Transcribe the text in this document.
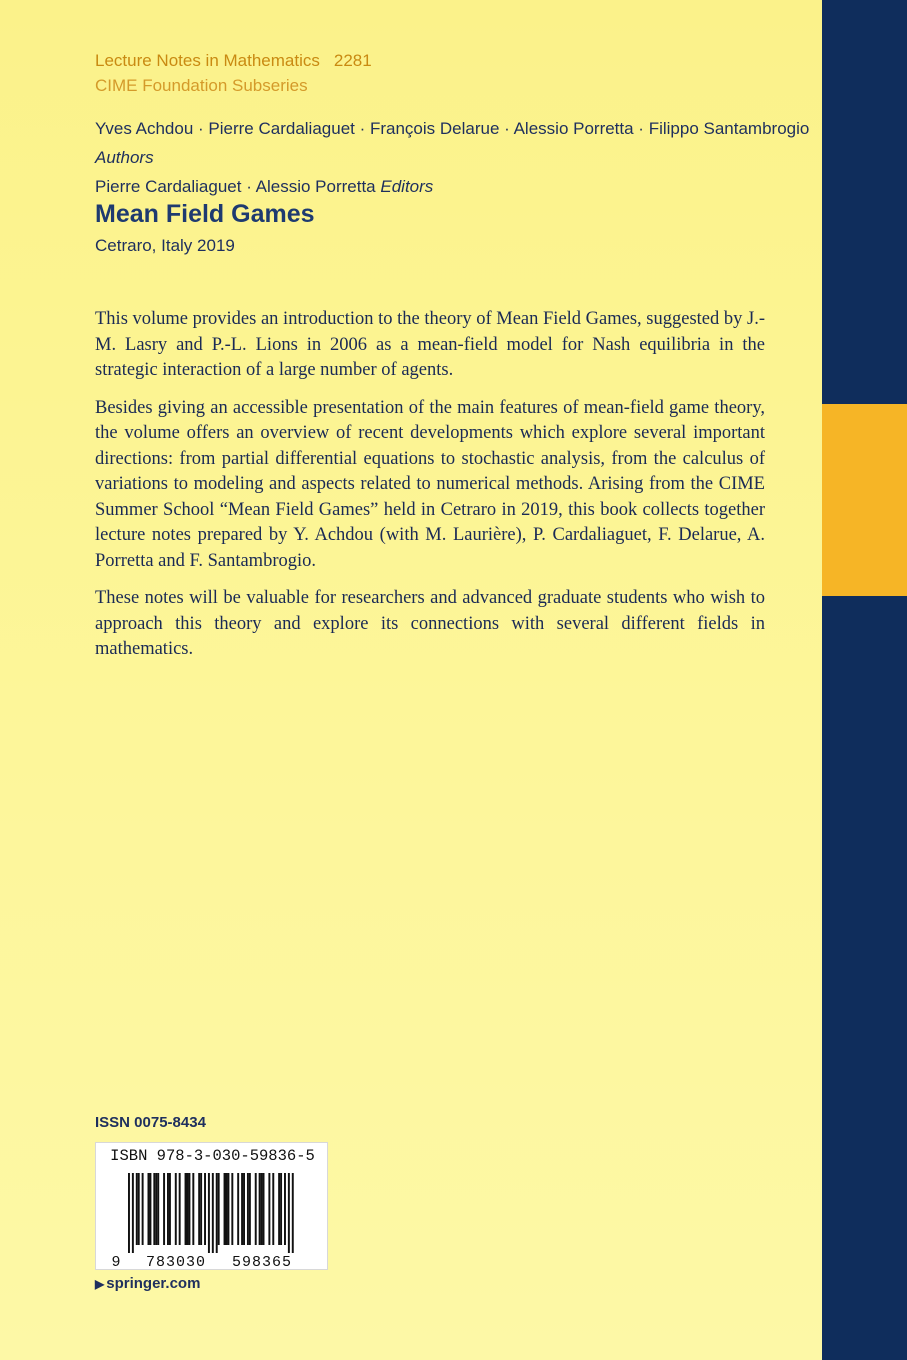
Lecture Notes in Mathematics 2281
CIME Foundation Subseries
Yves Achdou · Pierre Cardaliaguet · François Delarue · Alessio Porretta · Filippo Santambrogio
Authors
Pierre Cardaliaguet · Alessio Porretta Editors
Mean Field Games
Cetraro, Italy 2019

This volume provides an introduction to the theory of Mean Field Games, suggested by J.-M. Lasry and P.-L. Lions in 2006 as a mean-field model for Nash equilibria in the strategic interaction of a large number of agents.

Besides giving an accessible presentation of the main features of mean-field game theory, the volume offers an overview of recent developments which explore several important directions: from partial differential equations to stochastic analysis, from the calculus of variations to modeling and aspects related to numerical methods. Arising from the CIME Summer School “Mean Field Games” held in Cetraro in 2019, this book collects together lecture notes prepared by Y. Achdou (with M. Laurière), P. Cardaliaguet, F. Delarue, A. Porretta and F. Santambrogio.

These notes will be valuable for researchers and advanced graduate students who wish to approach this theory and explore its connections with several different fields in mathematics.

ISSN 0075-8434
ISBN 978-3-030-59836-5
9 783030 598365
▶ springer.com
